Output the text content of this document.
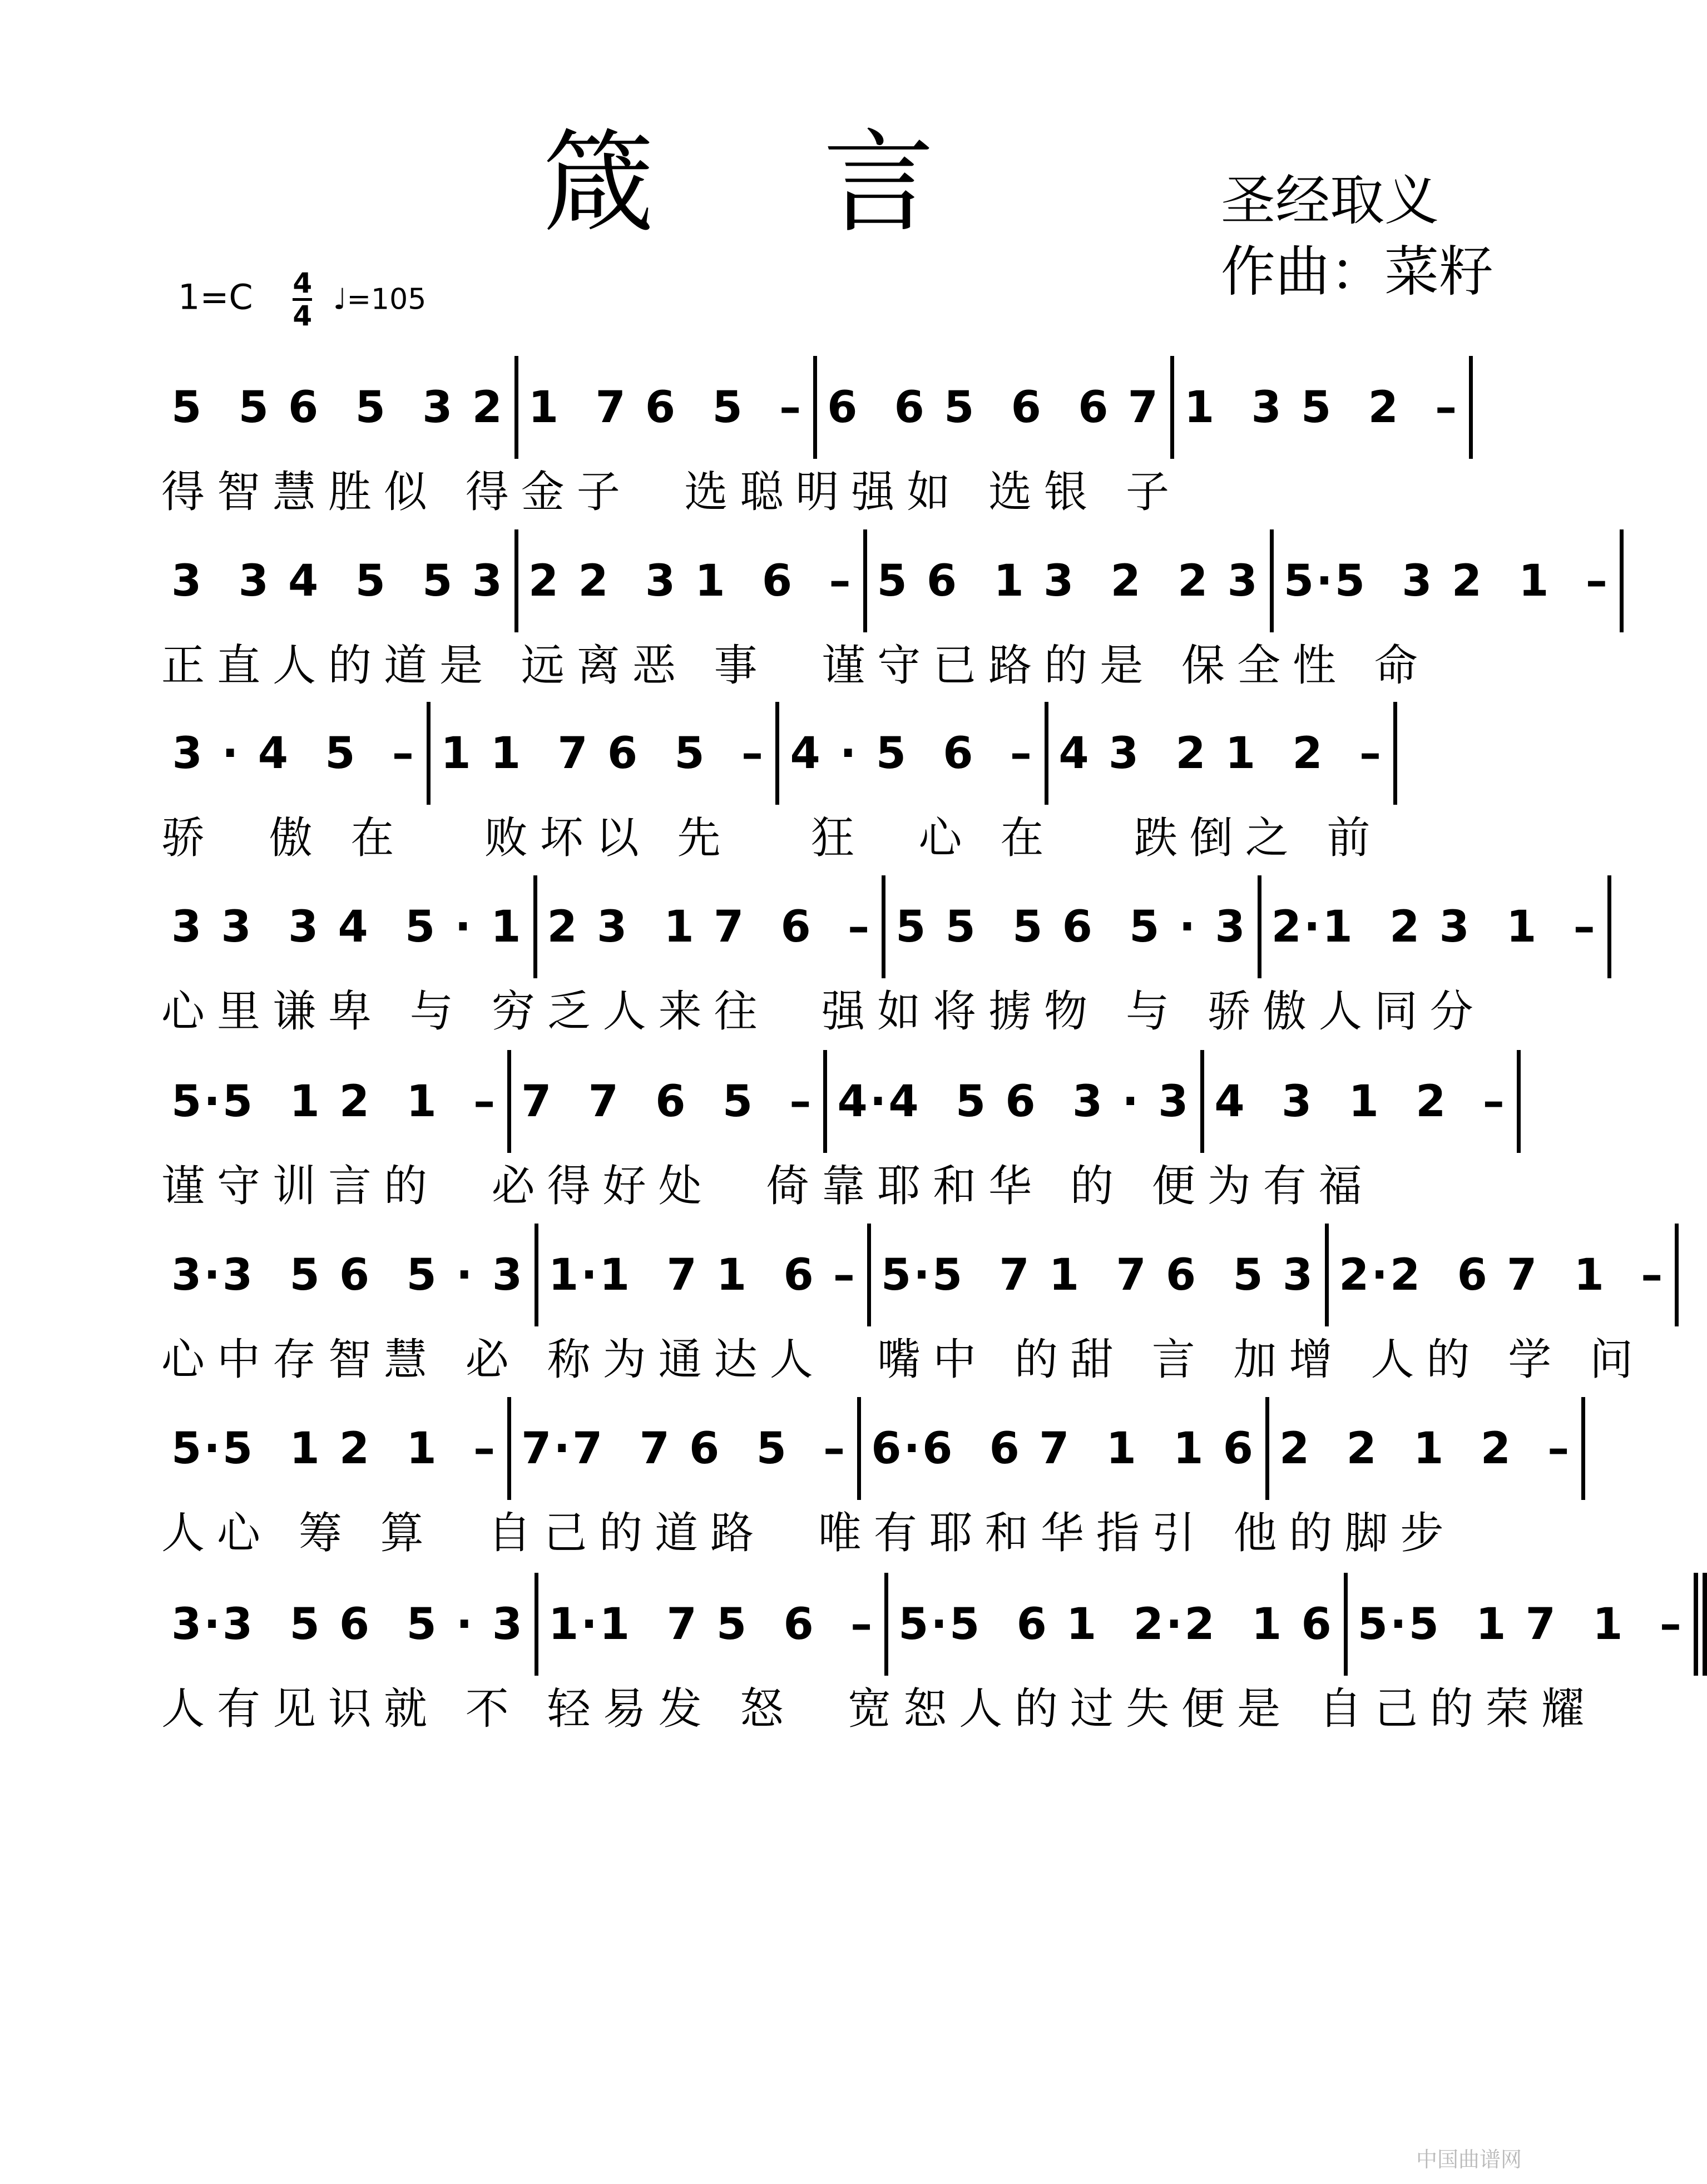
箴 言	圣经取义
作曲：菜籽
$1=C \frac{4}{4}$ ♩=105
5  5 6  5  3 2 1  7 6  5  – 6  6 5  6  6 7 1  3 5  2  –
得智慧胜似 得金子  选聪明强如 选银 子
3  3 4  5  5 3 2 2  3 1  6  – 5 6  1 3  2  2 3 5·5  3 2  1  –
正直人的道是 远离恶 事  谨守已路的是 保全性 命
3 · 4  5  – 1 1  7 6  5  – 4 · 5  6  – 4 3  2 1  2  –
骄  傲 在   败坏以 先   狂  心 在   跌倒之 前
3 3  3 4  5 · 1 2 3  1 7  6  – 5 5  5 6  5 · 3 2·1  2 3  1  –
心里谦卑 与 穷乏人来往  强如将掳物 与 骄傲人同分
5·5  1 2  1  – 7  7  6  5  – 4·4  5 6  3 · 3 4  3  1  2  –
谨守训言的  必得好处  倚靠耶和华 的 便为有福
3·3  5 6  5 · 3 1·1  7 1  6 – 5·5  7 1  7 6  5 3 2·2  6 7  1  –
心中存智慧 必 称为通达人  嘴中 的甜 言 加增 人的 学 问
5·5  1 2  1  – 7·7  7 6  5  – 6·6  6 7  1  1 6 2  2  1  2  –
人心 筹 算  自己的道路  唯有耶和华指引 他的脚步
3·3  5 6  5 · 3 1·1  7 5  6  – 5·5  6 1  2·2  1 6 5·5  1 7  1  –
人有见识就 不 轻易发 怒  宽恕人的过失便是 自己的荣耀
中国曲谱网
